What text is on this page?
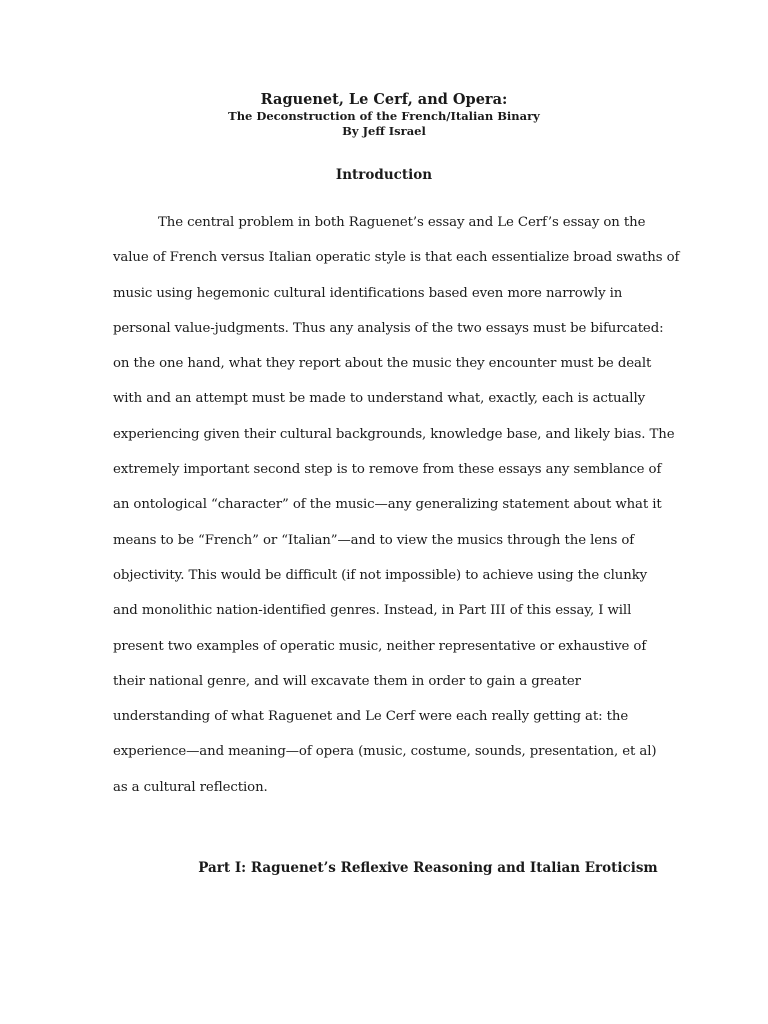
Raguenet, Le Cerf, and Opera:

The Deconstruction of the French/Italian Binary

By Jeff Israel

Introduction

The central problem in both Raguenet’s essay and Le Cerf’s essay on the

value of French versus Italian operatic style is that each essentialize broad swaths of

music using hegemonic cultural identifications based even more narrowly in

personal value-judgments. Thus any analysis of the two essays must be bifurcated:

on the one hand, what they report about the music they encounter must be dealt

with and an attempt must be made to understand what, exactly, each is actually

experiencing given their cultural backgrounds, knowledge base, and likely bias. The

extremely important second step is to remove from these essays any semblance of

an ontological “character” of the music—any generalizing statement about what it

means to be “French” or “Italian”—and to view the musics through the lens of

objectivity. This would be difficult (if not impossible) to achieve using the clunky

and monolithic nation-identified genres. Instead, in Part III of this essay, I will

present two examples of operatic music, neither representative or exhaustive of

their national genre, and will excavate them in order to gain a greater

understanding of what Raguenet and Le Cerf were each really getting at: the

experience—and meaning—of opera (music, costume, sounds, presentation, et al)

as a cultural reflection.

Part I: Raguenet’s Reflexive Reasoning and Italian Eroticism
